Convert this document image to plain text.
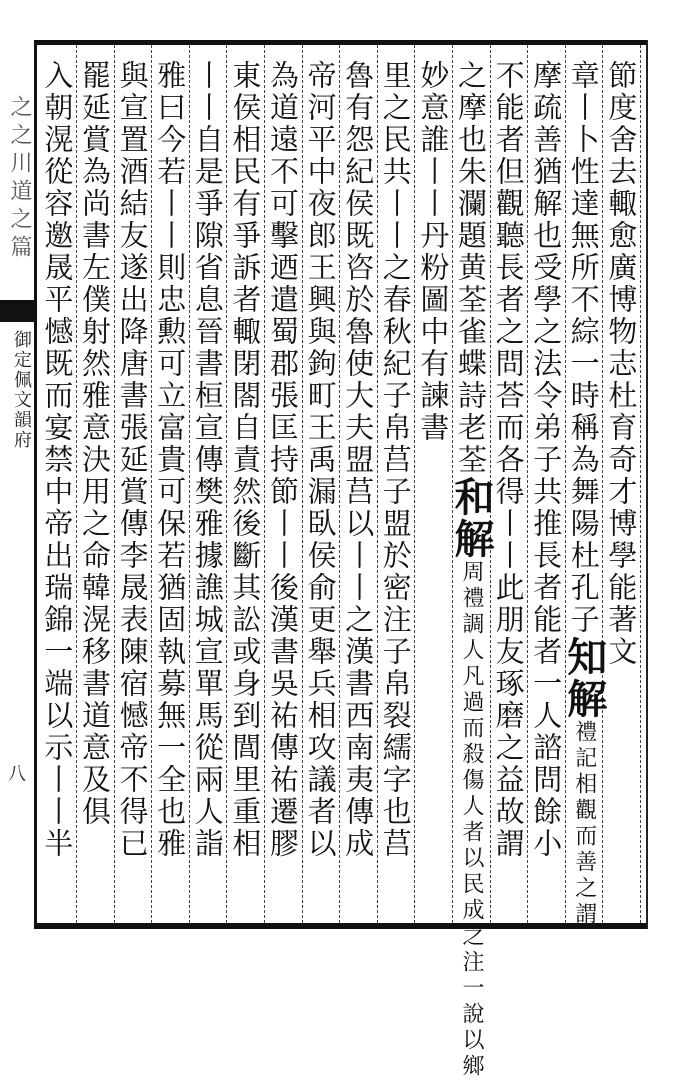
之之川道之篇
御定佩文韻府
八
節度舍去輙愈廣博物志杜育奇才博學能著文
章丨卜性達無所不綜一時稱為舞陽杜孔子知解禮記相觀而善之謂
摩疏善猶解也受學之法令弟子共推長者能者一人諮問餘小
不能者但觀聽長者之問荅而各得丨丨此朋友琢磨之益故謂
之摩也朱瀾題黄荃雀蝶詩老荃和解周禮調人凡過而殺傷人者以民成之注一說以鄉
妙意誰丨丨丹粉圖中有諫書
里之民共丨丨之春秋紀子帛莒子盟於密注子帛裂繻字也莒
魯有怨紀侯既咨於魯使大夫盟莒以丨丨之漢書西南夷傳成
帝河平中夜郎王興與鉤町王禹漏臥侯俞更舉兵相攻議者以
為道遠不可擊迺遣蜀郡張匡持節丨丨後漢書吳祐傳祐遷膠
東侯相民有爭訴者輙閉閤自責然後斷其訟或身到閭里重相
丨丨自是爭隙省息晉書桓宣傳樊雅據譙城宣單馬從兩人詣
雅曰今若丨丨則忠勲可立富貴可保若猶固執募無一全也雅
與宣置酒結友遂出降唐書張延賞傳李晟表陳宿憾帝不得已
罷延賞為尚書左僕射然雅意決用之命韓滉移書道意及俱
入朝滉從容邀晟平憾既而宴禁中帝出瑞錦一端以示丨丨半
